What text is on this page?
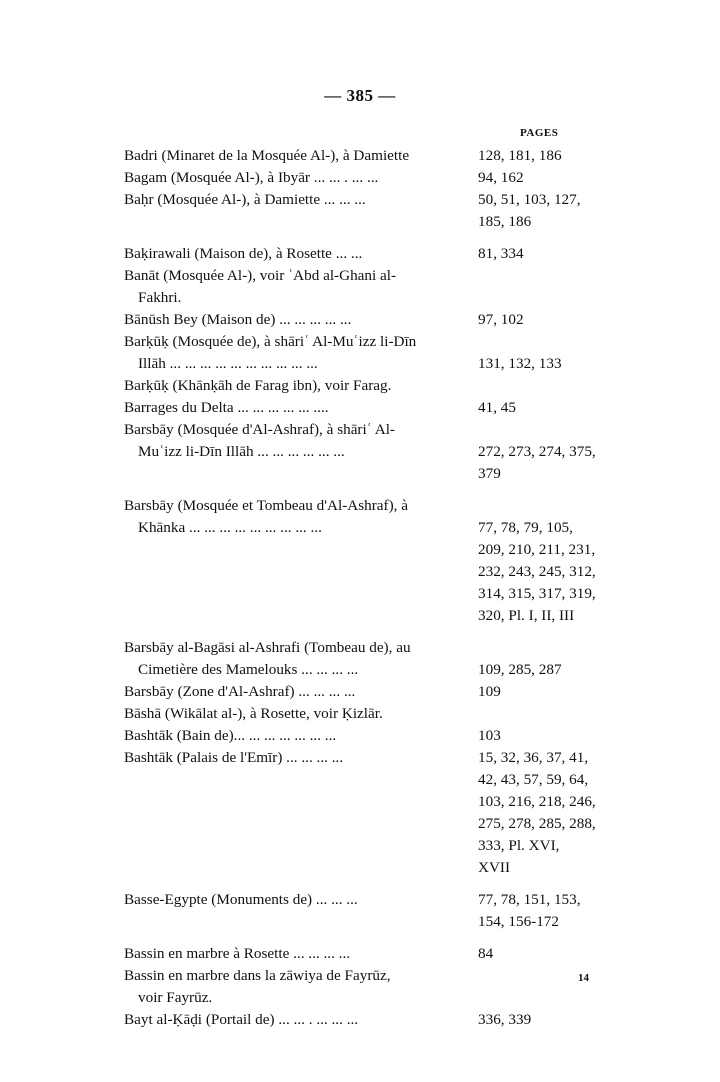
— 385 —
PAGES
Badri (Minaret de la Mosquée Al-), à Damiette	128, 181, 186
Bagam (Mosquée Al-), à Ibyār ... ... . ... ...	94, 162
Baḥr (Mosquée Al-), à Damiette ... ... ...	50, 51, 103, 127,
185, 186
Baḳirawali (Maison de), à Rosette ... ...	81, 334
Banāt (Mosquée Al-), voir ʿAbd al-Ghani al-
Fakhri.
Bānūsh Bey (Maison de) ... ... ... ... ...	97, 102
Barḳūḳ (Mosquée de), à shāriʿ Al-Muʿizz li-Dīn
Illāh ... ... ... ... ... ... ... ... ... ...
	131, 132, 133
Barḳūḳ (Khānḳāh de Farag ibn), voir Farag.
Barrages du Delta ... ... ... ... ... ....	41, 45
Barsbāy (Mosquée d'Al-Ashraf), à shāriʿ Al-
Muʿizz li-Dīn Illāh ... ... ... ... ... ...
	272, 273, 274, 375,
379
Barsbāy (Mosquée et Tombeau d'Al-Ashraf), à
Khānka ... ... ... ... ... ... ... ... ...
	77, 78, 79, 105,
209, 210, 211, 231,
232, 243, 245, 312,
314, 315, 317, 319,
320, Pl. I, II, III
Barsbāy al-Bagāsi al-Ashrafi (Tombeau de), au
Cimetière des Mamelouks ... ... ... ...
	109, 285, 287
Barsbāy (Zone d'Al-Ashraf) ... ... ... ...	109
Bāshā (Wikālat al-), à Rosette, voir Ḳizlār.
Bashtāk (Bain de)... ... ... ... ... ... ...	103
Bashtāk (Palais de l'Emīr) ... ... ... ...	15, 32, 36, 37, 41,
42, 43, 57, 59, 64,
103, 216, 218, 246,
275, 278, 285, 288,
333, Pl. XVI,
XVII
Basse-Egypte (Monuments de) ... ... ...	77, 78, 151, 153,
154, 156-172
Bassin en marbre à Rosette ... ... ... ...	84
Bassin en marbre dans la zāwiya de Fayrūz,
voir Fayrūz.
Bayt al-Ḳāḍi (Portail de) ... ... . ... ... ...	336, 339
14
